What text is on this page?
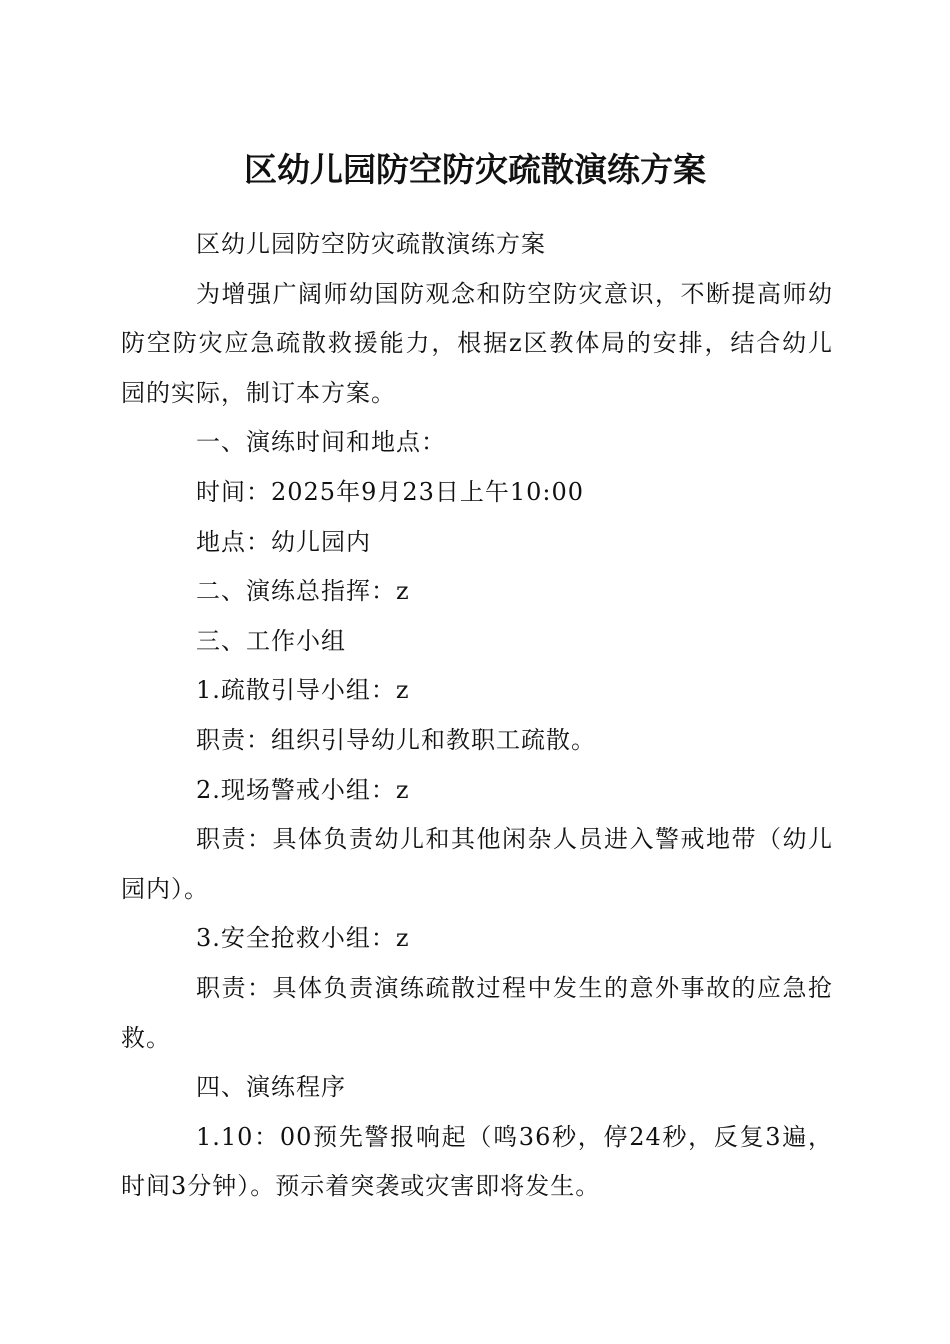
区幼儿园防空防灾疏散演练方案

区幼儿园防空防灾疏散演练方案

为增强广阔师幼国防观念和防空防灾意识，不断提高师幼防空防灾应急疏散救援能力，根据z区教体局的安排，结合幼儿园的实际，制订本方案。

一、演练时间和地点：

时间：2025年9月23日上午10:00

地点：幼儿园内

二、演练总指挥：z

三、工作小组

1.疏散引导小组：z

职责：组织引导幼儿和教职工疏散。

2.现场警戒小组：z

职责：具体负责幼儿和其他闲杂人员进入警戒地带（幼儿园内）。

3.安全抢救小组：z

职责：具体负责演练疏散过程中发生的意外事故的应急抢救。

四、演练程序

1.10：00预先警报响起（鸣36秒，停24秒，反复3遍，时间3分钟）。预示着突袭或灾害即将发生。
